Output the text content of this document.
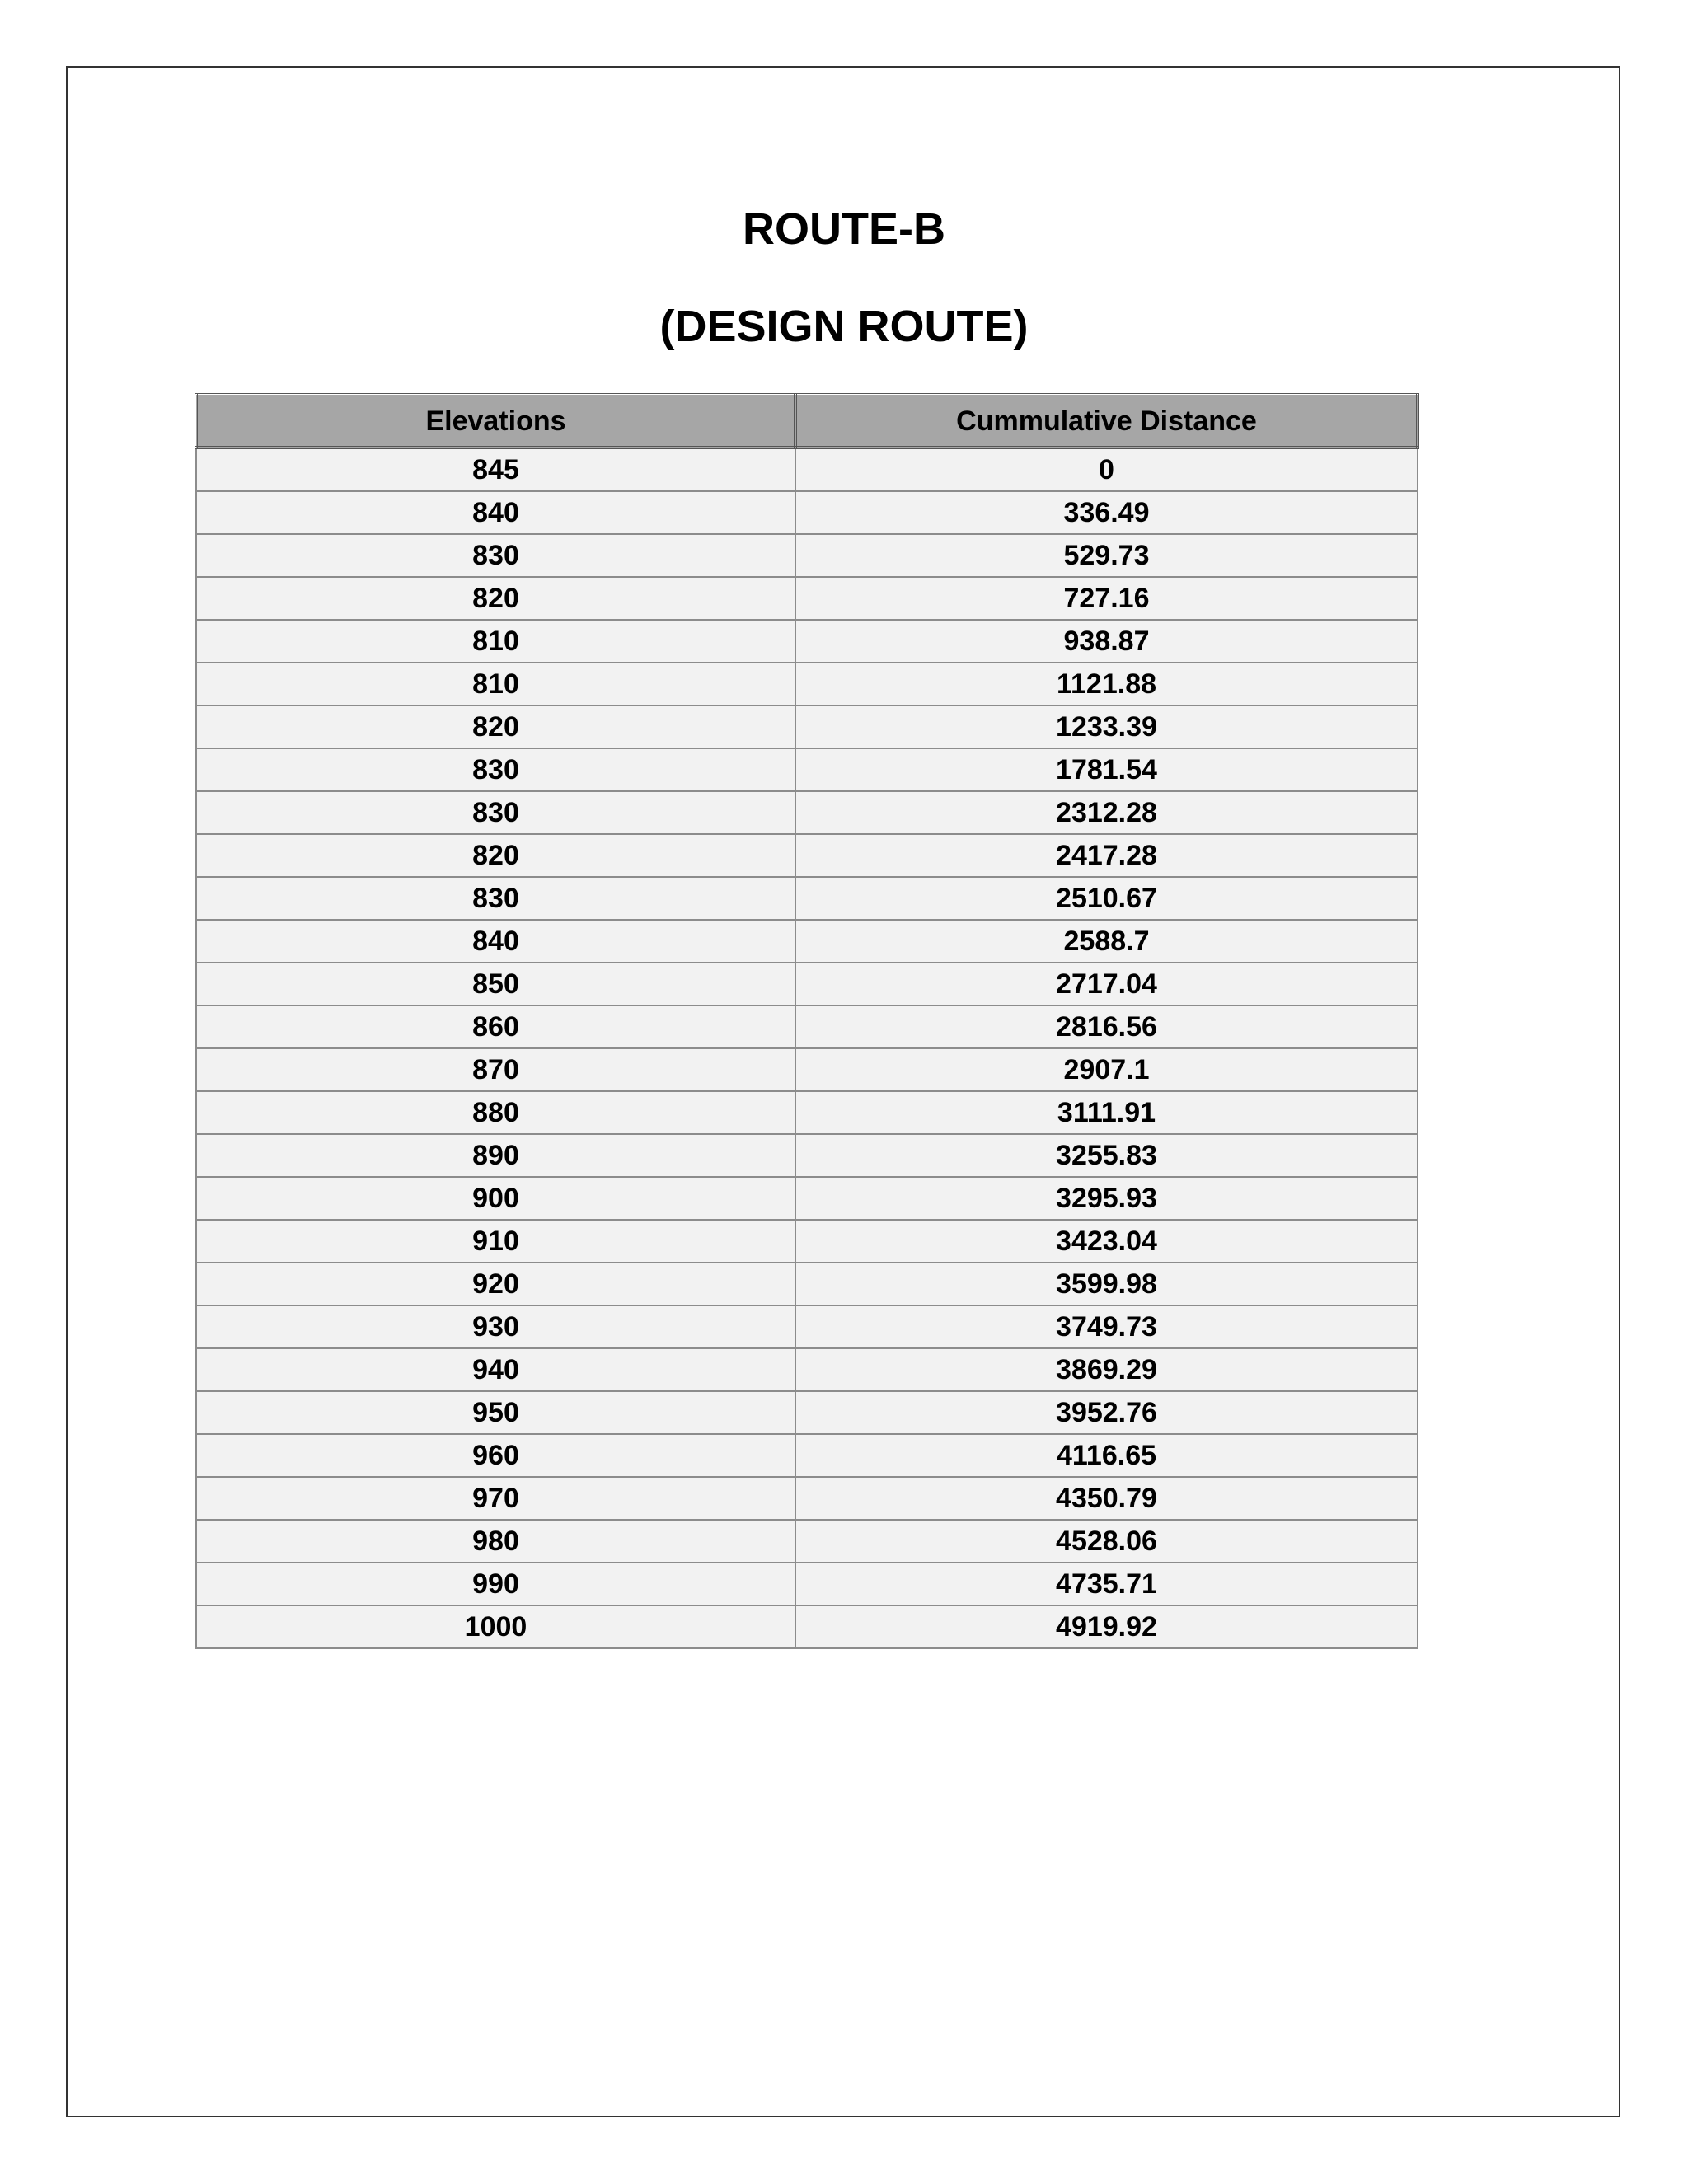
ROUTE-B
(DESIGN ROUTE)
Elevations	Cummulative Distance
845	0
840	336.49
830	529.73
820	727.16
810	938.87
810	1121.88
820	1233.39
830	1781.54
830	2312.28
820	2417.28
830	2510.67
840	2588.7
850	2717.04
860	2816.56
870	2907.1
880	3111.91
890	3255.83
900	3295.93
910	3423.04
920	3599.98
930	3749.73
940	3869.29
950	3952.76
960	4116.65
970	4350.79
980	4528.06
990	4735.71
1000	4919.92
